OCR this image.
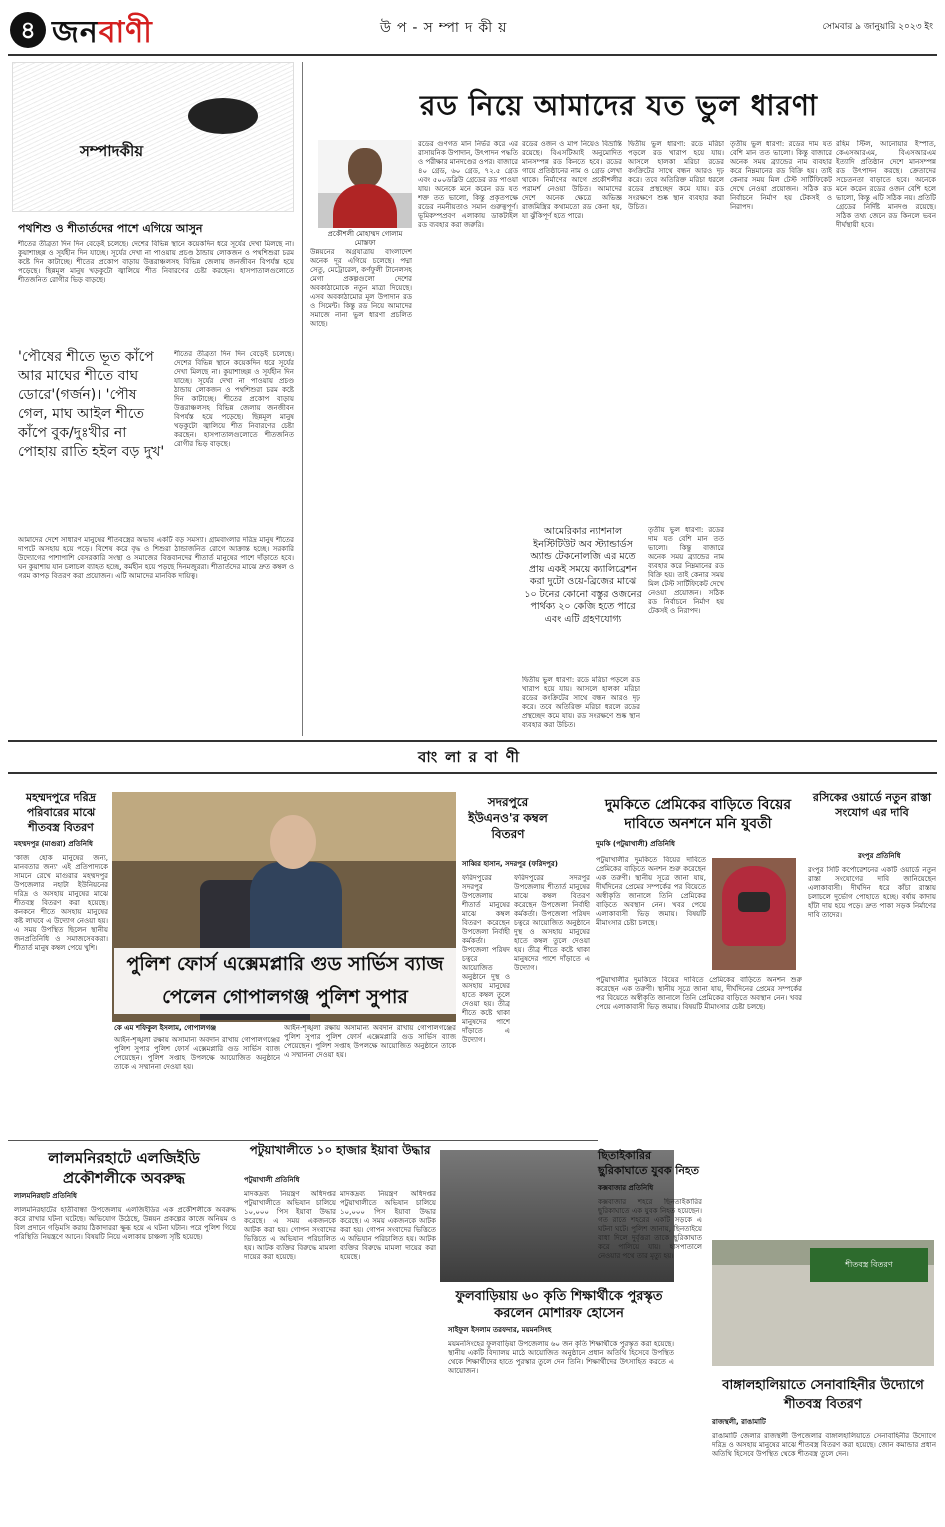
৪ জনবাণী	উপ-সম্পাদকীয়	সোমবার ৯ জানুয়ারি ২০২৩ ইং
সম্পাদকীয়
পথশিশু ও শীতার্তদের পাশে এগিয়ে আসুন
শীতের তীব্রতা দিন দিন বেড়েই চলেছে। দেশের বিভিন্ন স্থানে কয়েকদিন ধরে সূর্যের দেখা মিলছে না। কুয়াশাচ্ছন্ন ও সূর্যহীন দিন যাচ্ছে। সূর্যের দেখা না পাওয়ায় প্রচণ্ড ঠান্ডায় লোকজন ও পথশিশুরা চরম কষ্টে দিন কাটাচ্ছে। শীতের প্রকোপ বাড়ায় উত্তরাঞ্চলসহ বিভিন্ন জেলায় জনজীবন বিপর্যস্ত হয়ে পড়েছে। ছিন্নমূল মানুষ খড়কুটো জ্বালিয়ে শীত নিবারণের চেষ্টা করছেন। হাসপাতালগুলোতে শীতজনিত রোগীর ভিড় বাড়ছে।
'পৌষের শীতে ভূত কাঁপে আর মাঘের শীতে বাঘ ডোরে'(গর্জন)। 'পৌষ গেল, মাঘ আইল শীতে কাঁপে বুক/দুঃখীর না পোহায় রাতি হইল বড় দুখ'
শীতের তীব্রতা দিন দিন বেড়েই চলেছে। দেশের বিভিন্ন স্থানে কয়েকদিন ধরে সূর্যের দেখা মিলছে না। কুয়াশাচ্ছন্ন ও সূর্যহীন দিন যাচ্ছে। সূর্যের দেখা না পাওয়ায় প্রচণ্ড ঠান্ডায় লোকজন ও পথশিশুরা চরম কষ্টে দিন কাটাচ্ছে। শীতের প্রকোপ বাড়ায় উত্তরাঞ্চলসহ বিভিন্ন জেলায় জনজীবন বিপর্যস্ত হয়ে পড়েছে। ছিন্নমূল মানুষ খড়কুটো জ্বালিয়ে শীত নিবারণের চেষ্টা করছেন। হাসপাতালগুলোতে শীতজনিত রোগীর ভিড় বাড়ছে।
আমাদের দেশে সাধারণ মানুষের শীতবস্ত্রের অভাব একটি বড় সমস্যা। গ্রামবাংলার দরিদ্র মানুষ শীতের দাপটে অসহায় হয়ে পড়ে। বিশেষ করে বৃদ্ধ ও শিশুরা ঠান্ডাজনিত রোগে আক্রান্ত হচ্ছে। সরকারি উদ্যোগের পাশাপাশি বেসরকারি সংস্থা ও সমাজের বিত্তবানদের শীতার্ত মানুষের পাশে দাঁড়াতে হবে। ঘন কুয়াশায় যান চলাচল ব্যাহত হচ্ছে, কর্মহীন হয়ে পড়ছে দিনমজুররা। শীতার্তদের মাঝে দ্রুত কম্বল ও গরম কাপড় বিতরণ করা প্রয়োজন। এটি আমাদের মানবিক দায়িত্ব।
রড নিয়ে আমাদের যত ভুল ধারণা
প্রকৌশলী মোহাম্মদ গোলাম মোস্তফা
উন্নয়নের অগ্রযাত্রায় বাংলাদেশ অনেক দূর এগিয়ে চলেছে। পদ্মা সেতু, মেট্রোরেল, কর্ণফুলী টানেলসহ মেগা প্রকল্পগুলো দেশের অবকাঠামোকে নতুন মাত্রা দিয়েছে। এসব অবকাঠামোর মূল উপাদান রড ও সিমেন্ট। কিন্তু রড নিয়ে আমাদের সমাজে নানা ভুল ধারণা প্রচলিত আছে।
রডের গুণগত মান নির্ভর করে এর রাসায়নিক উপাদান, উৎপাদন পদ্ধতি ও পরীক্ষার মানদণ্ডের ওপর। বাজারে ৪০ গ্রেড, ৬০ গ্রেড, ৭২.৫ গ্রেড এবং ৫০০ডব্লিউ গ্রেডের রড পাওয়া যায়। অনেকে মনে করেন রড যত শক্ত তত ভালো, কিন্তু প্রকৃতপক্ষে রডের নমনীয়তাও সমান গুরুত্বপূর্ণ। ভূমিকম্পপ্রবণ এলাকায় ডাকটাইল রড ব্যবহার করা জরুরি।
রডের ওজন ও মাপ নিয়েও বিভ্রান্তি রয়েছে। বিএসটিআই অনুমোদিত মানসম্পন্ন রড কিনতে হবে। রডের গায়ে প্রতিষ্ঠানের নাম ও গ্রেড লেখা থাকে। নির্মাণের আগে প্রকৌশলীর পরামর্শ নেওয়া উচিত। আমাদের দেশে অনেক ক্ষেত্রে অভিজ্ঞ রাজমিস্ত্রির কথামতো রড কেনা হয়, যা ঝুঁকিপূর্ণ হতে পারে।
আমেরিকার ন্যাশনাল ইনস্টিটিউট অব স্ট্যান্ডার্ডস অ্যান্ড টেকনোলজি এর মতে প্রায় একই সময়ে ক্যালিব্রেশন করা দুটো ওয়ে-ব্রিজের মাঝে ১০ টনের কোনো বস্তুর ওজনের পার্থক্য ২০ কেজি হতে পারে এবং এটি গ্রহণযোগ্য
দ্বিতীয় ভুল ধারণা: রডে মরিচা পড়লে রড খারাপ হয়ে যায়। আসলে হালকা মরিচা রডের কংক্রিটের সাথে বন্ধন আরও দৃঢ় করে। তবে অতিরিক্ত মরিচা ধরলে রডের প্রস্থচ্ছেদ কমে যায়। রড সংরক্ষণে শুষ্ক স্থান ব্যবহার করা উচিত।
দ্বিতীয় ভুল ধারণা: রডে মরিচা পড়লে রড খারাপ হয়ে যায়। আসলে হালকা মরিচা রডের কংক্রিটের সাথে বন্ধন আরও দৃঢ় করে। তবে অতিরিক্ত মরিচা ধরলে রডের প্রস্থচ্ছেদ কমে যায়। রড সংরক্ষণে শুষ্ক স্থান ব্যবহার করা উচিত।
তৃতীয় ভুল ধারণা: রডের দাম যত বেশি মান তত ভালো। কিন্তু বাজারে অনেক সময় ব্র্যান্ডের নাম ব্যবহার করে নিম্নমানের রড বিক্রি হয়। তাই কেনার সময় মিল টেস্ট সার্টিফিকেট দেখে নেওয়া প্রয়োজন। সঠিক রড নির্বাচনে নির্মাণ হয় টেকসই ও নিরাপদ।
তৃতীয় ভুল ধারণা: রডের দাম যত বেশি মান তত ভালো। কিন্তু বাজারে অনেক সময় ব্র্যান্ডের নাম ব্যবহার করে নিম্নমানের রড বিক্রি হয়। তাই কেনার সময় মিল টেস্ট সার্টিফিকেট দেখে নেওয়া প্রয়োজন। সঠিক রড নির্বাচনে নির্মাণ হয় টেকসই ও নিরাপদ।
রহিম স্টিল, আনোয়ার ইস্পাত, কেএসআরএম, বিএসআরএম ইত্যাদি প্রতিষ্ঠান দেশে মানসম্পন্ন রড উৎপাদন করছে। ক্রেতাদের সচেতনতা বাড়াতে হবে। অনেকে মনে করেন রডের ওজন বেশি হলে ভালো, কিন্তু এটি সঠিক নয়। প্রতিটি গ্রেডের নির্দিষ্ট মানদণ্ড রয়েছে। সঠিক তথ্য জেনে রড কিনলে ভবন দীর্ঘস্থায়ী হবে।
বাংলারবাণী
মহম্মদপুরে দরিদ্র পরিবারের মাঝে শীতবস্ত্র বিতরণ
মহম্মদপুর (মাগুরা) প্রতিনিধি
'কাজ হোক মানুষের জন্য, মানবতার জন্য' এই প্রতিপাদ্যকে সামনে রেখে মাগুরার মহম্মদপুর উপজেলার নহাটা ইউনিয়নের দরিদ্র ও অসহায় মানুষের মাঝে শীতবস্ত্র বিতরণ করা হয়েছে। কনকনে শীতে অসহায় মানুষের কষ্ট লাঘবে এ উদ্যোগ নেওয়া হয়। এ সময় উপস্থিত ছিলেন স্থানীয় জনপ্রতিনিধি ও সমাজসেবকরা। শীতার্ত মানুষ কম্বল পেয়ে খুশি।
পুলিশ ফোর্স এক্সেমপ্লারি গুড সার্ভিস ব্যাজ পেলেন গোপালগঞ্জ পুলিশ সুপার
কে এম শফিকুল ইসলাম, গোপালগঞ্জ
আইন-শৃঙ্খলা রক্ষায় অসামান্য অবদান রাখায় গোপালগঞ্জের পুলিশ সুপার পুলিশ ফোর্স এক্সেমপ্লারি গুড সার্ভিস ব্যাজ পেয়েছেন। পুলিশ সপ্তাহ উপলক্ষে আয়োজিত অনুষ্ঠানে তাকে এ সম্মাননা দেওয়া হয়।
আইন-শৃঙ্খলা রক্ষায় অসামান্য অবদান রাখায় গোপালগঞ্জের পুলিশ সুপার পুলিশ ফোর্স এক্সেমপ্লারি গুড সার্ভিস ব্যাজ পেয়েছেন। পুলিশ সপ্তাহ উপলক্ষে আয়োজিত অনুষ্ঠানে তাকে এ সম্মাননা দেওয়া হয়।
সদরপুরে ইউএনও'র কম্বল বিতরণ
সাব্বির হাসান, সদরপুর (ফরিদপুর)
ফরিদপুরের সদরপুর উপজেলায় শীতার্ত মানুষের মাঝে কম্বল বিতরণ করেছেন উপজেলা নির্বাহী কর্মকর্তা। উপজেলা পরিষদ চত্বরে আয়োজিত অনুষ্ঠানে দুস্থ ও অসহায় মানুষের হাতে কম্বল তুলে দেওয়া হয়। তীব্র শীতে কষ্টে থাকা মানুষদের পাশে দাঁড়াতে এ উদ্যোগ।
ফরিদপুরের সদরপুর উপজেলায় শীতার্ত মানুষের মাঝে কম্বল বিতরণ করেছেন উপজেলা নির্বাহী কর্মকর্তা। উপজেলা পরিষদ চত্বরে আয়োজিত অনুষ্ঠানে দুস্থ ও অসহায় মানুষের হাতে কম্বল তুলে দেওয়া হয়। তীব্র শীতে কষ্টে থাকা মানুষদের পাশে দাঁড়াতে এ উদ্যোগ।
দুমকিতে প্রেমিকের বাড়িতে বিয়ের দাবিতে অনশনে মনি যুবতী
দুমকি (পটুয়াখালী) প্রতিনিধি
পটুয়াখালীর দুমকিতে বিয়ের দাবিতে প্রেমিকের বাড়িতে অনশন শুরু করেছেন এক তরুণী। স্থানীয় সূত্রে জানা যায়, দীর্ঘদিনের প্রেমের সম্পর্কের পর বিয়েতে অস্বীকৃতি জানালে তিনি প্রেমিকের বাড়িতে অবস্থান নেন। খবর পেয়ে এলাকাবাসী ভিড় জমায়। বিষয়টি মীমাংসার চেষ্টা চলছে।
পটুয়াখালীর দুমকিতে বিয়ের দাবিতে প্রেমিকের বাড়িতে অনশন শুরু করেছেন এক তরুণী। স্থানীয় সূত্রে জানা যায়, দীর্ঘদিনের প্রেমের সম্পর্কের পর বিয়েতে অস্বীকৃতি জানালে তিনি প্রেমিকের বাড়িতে অবস্থান নেন। খবর পেয়ে এলাকাবাসী ভিড় জমায়। বিষয়টি মীমাংসার চেষ্টা চলছে।
রসিকের ওয়ার্ডে নতুন রাস্তা সংযোগ এর দাবি
রংপুর প্রতিনিধি
রংপুর সিটি কর্পোরেশনের একটি ওয়ার্ডে নতুন রাস্তা সংযোগের দাবি জানিয়েছেন এলাকাবাসী। দীর্ঘদিন ধরে কাঁচা রাস্তায় চলাচলে দুর্ভোগ পোহাতে হচ্ছে। বর্ষায় কাদায় হাঁটা দায় হয়ে পড়ে। দ্রুত পাকা সড়ক নির্মাণের দাবি তাদের।
লালমনিরহাটে এলজিইডি প্রকৌশলীকে অবরুদ্ধ
লালমনিরহাট প্রতিনিধি
লালমনিরহাটের হাতীবান্ধা উপজেলায় এলজিইডির এক প্রকৌশলীকে অবরুদ্ধ করে রাখার ঘটনা ঘটেছে। অভিযোগ উঠেছে, উন্নয়ন প্রকল্পের কাজে অনিয়ম ও বিল প্রদানে গড়িমসি করায় ঠিকাদাররা ক্ষুব্ধ হয়ে এ ঘটনা ঘটান। পরে পুলিশ গিয়ে পরিস্থিতি নিয়ন্ত্রণে আনে। বিষয়টি নিয়ে এলাকায় চাঞ্চল্য সৃষ্টি হয়েছে।
পটুয়াখালীতে ১০ হাজার ইয়াবা উদ্ধার
পটুয়াখালী প্রতিনিধি
মাদকদ্রব্য নিয়ন্ত্রণ অধিদপ্তর পটুয়াখালীতে অভিযান চালিয়ে ১০,০০০ পিস ইয়াবা উদ্ধার করেছে। এ সময় একজনকে আটক করা হয়। গোপন সংবাদের ভিত্তিতে এ অভিযান পরিচালিত হয়। আটক ব্যক্তির বিরুদ্ধে মামলা দায়ের করা হয়েছে।
মাদকদ্রব্য নিয়ন্ত্রণ অধিদপ্তর পটুয়াখালীতে অভিযান চালিয়ে ১০,০০০ পিস ইয়াবা উদ্ধার করেছে। এ সময় একজনকে আটক করা হয়। গোপন সংবাদের ভিত্তিতে এ অভিযান পরিচালিত হয়। আটক ব্যক্তির বিরুদ্ধে মামলা দায়ের করা হয়েছে।
ফুলবাড়িয়ায় ৬০ কৃতি শিক্ষার্থীকে পুরস্কৃত করলেন মোশারফ হোসেন
সাইফুল ইসলাম তরফদার, ময়মনসিংহ
ময়মনসিংহের ফুলবাড়িয়া উপজেলায় ৬০ জন কৃতি শিক্ষার্থীকে পুরস্কৃত করা হয়েছে। স্থানীয় একটি বিদ্যালয় মাঠে আয়োজিত অনুষ্ঠানে প্রধান অতিথি হিসেবে উপস্থিত থেকে শিক্ষার্থীদের হাতে পুরস্কার তুলে দেন তিনি। শিক্ষার্থীদের উৎসাহিত করতে এ আয়োজন।
ছিতাইকারির ছুরিকাঘাতে যুবক নিহত
কক্সবাজার প্রতিনিধি
কক্সবাজার শহরে ছিনতাইকারির ছুরিকাঘাতে এক যুবক নিহত হয়েছেন। গত রাতে শহরের একটি সড়কে এ ঘটনা ঘটে। পুলিশ জানায়, ছিনতাইয়ে বাধা দিলে দুর্বৃত্তরা তাকে ছুরিকাঘাত করে পালিয়ে যায়। হাসপাতালে নেওয়ার পথে তার মৃত্যু হয়।
শীতবস্ত্র বিতরণ
বাঙ্গালহালিয়াতে সেনাবাহিনীর উদ্যোগে শীতবস্ত্র বিতরণ
রাজস্থলী, রাঙামাটি
রাঙামাটি জেলার রাজস্থলী উপজেলার বাঙ্গালহালিয়াতে সেনাবাহিনীর উদ্যোগে দরিদ্র ও অসহায় মানুষের মাঝে শীতবস্ত্র বিতরণ করা হয়েছে। জোন কমান্ডার প্রধান অতিথি হিসেবে উপস্থিত থেকে শীতবস্ত্র তুলে দেন।
